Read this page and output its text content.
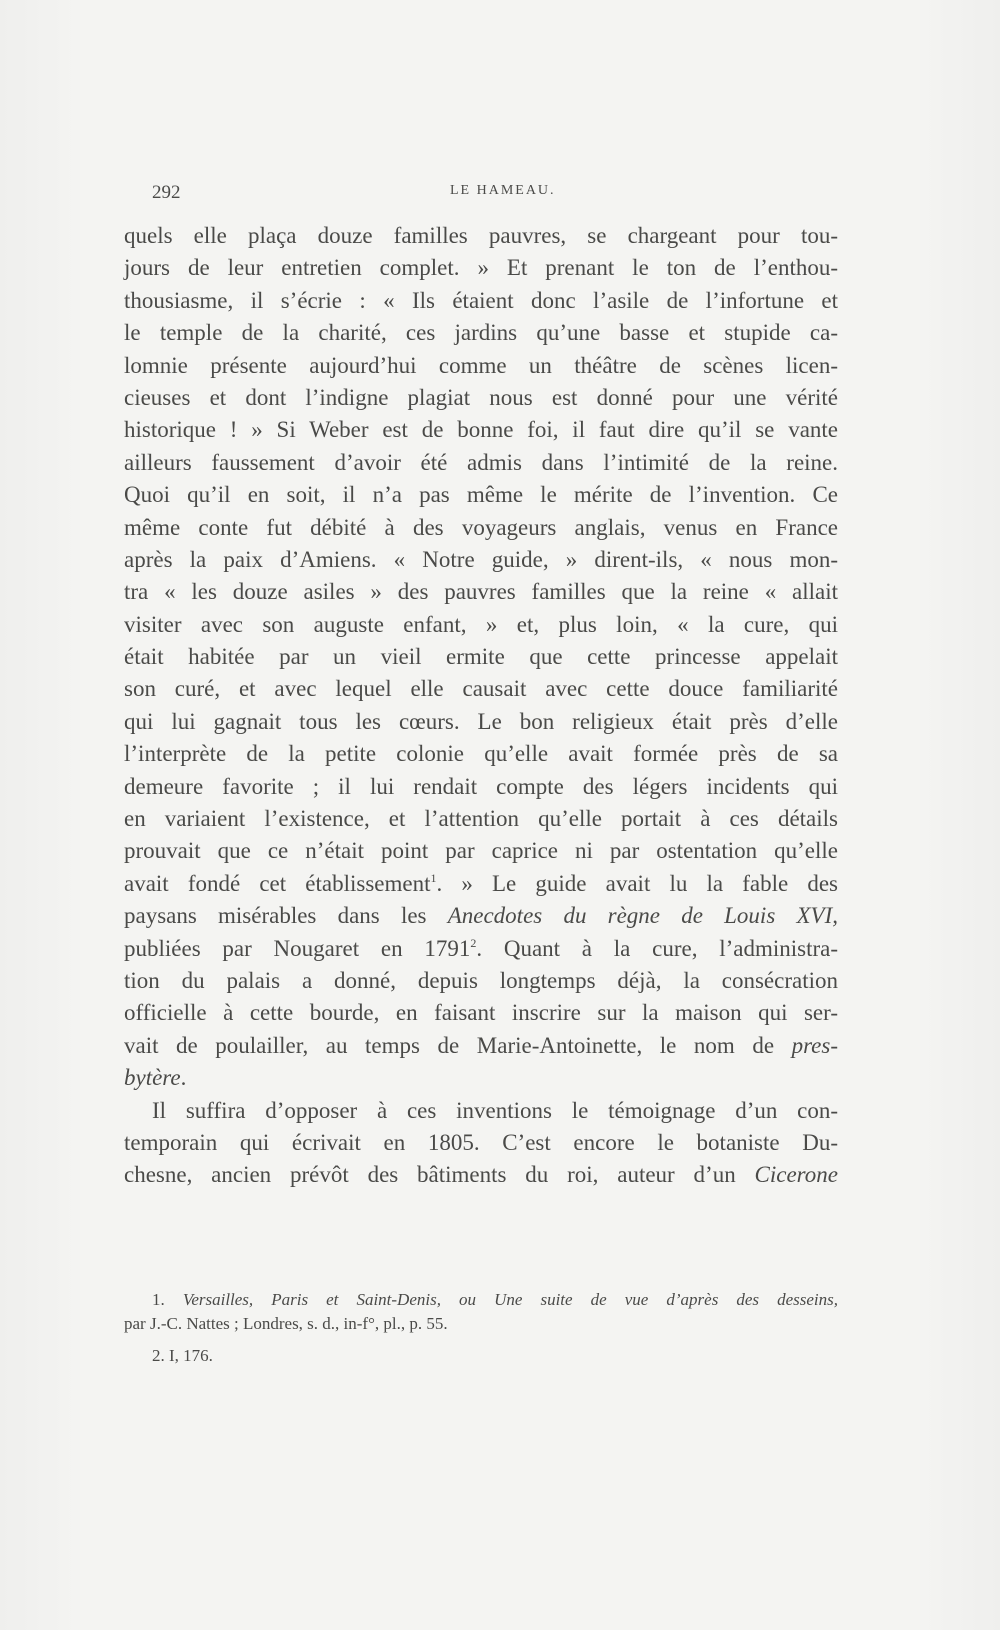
292	LE HAMEAU.
quels elle plaça douze familles pauvres, se chargeant pour tou-
jours de leur entretien complet. » Et prenant le ton de l’enthou-
thousiasme, il s’écrie : « Ils étaient donc l’asile de l’infortune et
le temple de la charité, ces jardins qu’une basse et stupide ca-
lomnie présente aujourd’hui comme un théâtre de scènes licen-
cieuses et dont l’indigne plagiat nous est donné pour une vérité
historique ! » Si Weber est de bonne foi, il faut dire qu’il se vante
ailleurs faussement d’avoir été admis dans l’intimité de la reine.
Quoi qu’il en soit, il n’a pas même le mérite de l’invention. Ce
même conte fut débité à des voyageurs anglais, venus en France
après la paix d’Amiens. « Notre guide, » dirent-ils, « nous mon-
tra « les douze asiles » des pauvres familles que la reine « allait
visiter avec son auguste enfant, » et, plus loin, « la cure, qui
était habitée par un vieil ermite que cette princesse appelait
son curé, et avec lequel elle causait avec cette douce familiarité
qui lui gagnait tous les cœurs. Le bon religieux était près d’elle
l’interprète de la petite colonie qu’elle avait formée près de sa
demeure favorite ; il lui rendait compte des légers incidents qui
en variaient l’existence, et l’attention qu’elle portait à ces détails
prouvait que ce n’était point par caprice ni par ostentation qu’elle
avait fondé cet établissement$^1$. » Le guide avait lu la fable des
paysans misérables dans les Anecdotes du règne de Louis XVI,
publiées par Nougaret en 1791$^2$. Quant à la cure, l’administra-
tion du palais a donné, depuis longtemps déjà, la consécration
officielle à cette bourde, en faisant inscrire sur la maison qui ser-
vait de poulailler, au temps de Marie-Antoinette, le nom de pres-
bytère.
Il suffira d’opposer à ces inventions le témoignage d’un con-
temporain qui écrivait en 1805. C’est encore le botaniste Du-
chesne, ancien prévôt des bâtiments du roi, auteur d’un Cicerone
1. Versailles, Paris et Saint-Denis, ou Une suite de vue d’après des desseins,
par J.-C. Nattes ; Londres, s. d., in-f°, pl., p. 55.
2. I, 176.
